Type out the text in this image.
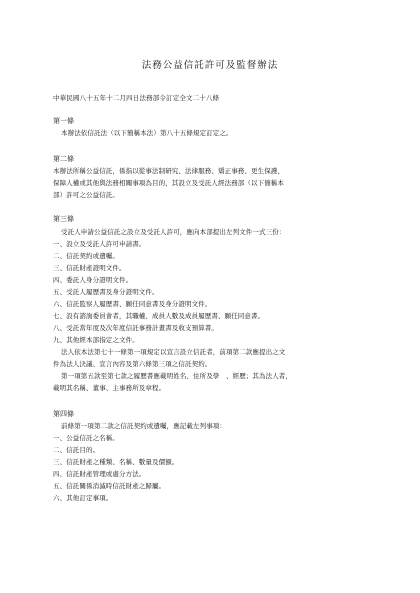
法務公益信託許可及監督辦法
中華民國八十五年十二月四日法務部令訂定全文二十八條
第一條
本辦法依信託法（以下簡稱本法）第八十五條規定訂定之。
第二條
本辦法所稱公益信託，係指以從事法制研究、法律服務、矯正事務、更生保護、
保障人權或其他與法務相關事項為目的，其設立及受託人經法務部（以下簡稱本
部）許可之公益信託。
第三條
受託人申請公益信託之設立及受託人許可，應向本部提出左列文件一式三份：
一、設立及受託人許可申請書。
二、信託契約或遺囑。
三、信託財產證明文件。
四、委託人身分證明文件。
五、受託人履歷書及身分證明文件。
六、信託監察人履歷書、願任同意書及身分證明文件。
七、設有諮詢委員會者，其職權、成員人數及成員履歷書、願任同意書。
八、受託當年度及次年度信託事務計畫書及收支預算書。
九、其他經本部指定之文件。
法人依本法第七十一條第一項規定以宣言設立信託者，前項第二款應提出之文
件為法人決議、宣言內容及第六條第三項之信託契約。
第一項第五款至第七款之履歷書應載明姓名、住所及學　、經歷；其為法人者，
載明其名稱、董事、主事務所及章程。
第四條
前條第一項第二款之信託契約或遺囑，應記載左列事項：
一、公益信託之名稱。
二、信託目的。
三、信託財產之種類、名稱、數量及價額。
四、信託財產管理或處分方法。
五、信託關係消滅時信託財產之歸屬。
六、其他訂定事項。
